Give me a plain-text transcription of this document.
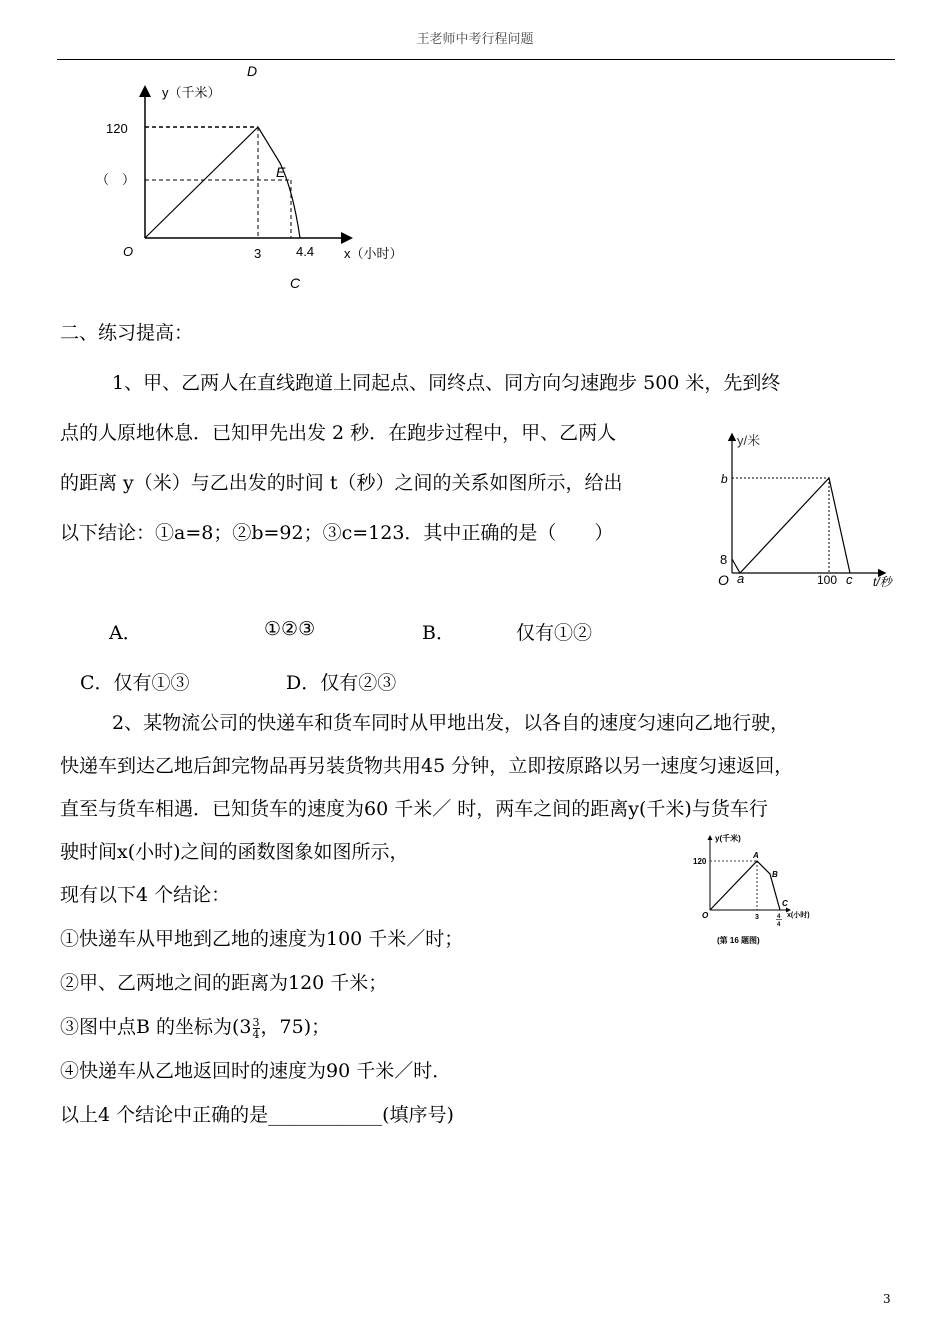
王老师中考行程问题
y（千米）
120
（　）
O	3	4.4 x（小时）
D
E
C
二、练习提高：
1、甲、乙两人在直线跑道上同起点、同终点、同方向匀速跑步 500 米，先到终
点的人原地休息．已知甲先出发 2 秒．在跑步过程中，甲、乙两人
的距离 y（米）与乙出发的时间 t（秒）之间的关系如图所示，给出
以下结论：①a=8；②b=92；③c=123．其中正确的是（　　）
y/米
b
8
O a	100 c t/秒
A．	①②③	B．	仅有①②
C．仅有①③	D．仅有②③
2、某物流公司的快递车和货车同时从甲地出发，以各自的速度匀速向乙地行驶，
快递车到达乙地后卸完物品再另装货物共用45 分钟，立即按原路以另一速度匀速返回，
直至与货车相遇．已知货车的速度为60 千米／ 时，两车之间的距离y(千米)与货车行
驶时间x(小时)之间的函数图象如图所示，
现有以下4 个结论：
①快递车从甲地到乙地的速度为100 千米／时；
②甲、乙两地之间的距离为120 千米；
③图中点B 的坐标为($3 \frac{3}{4}$ ，75)；
④快递车从乙地返回时的速度为90 千米／时．
以上4 个结论中正确的是____________(填序号)
y(千米)
120
A
B
C
O	3	4
4
x(小时)
(第 16 题图)
3
